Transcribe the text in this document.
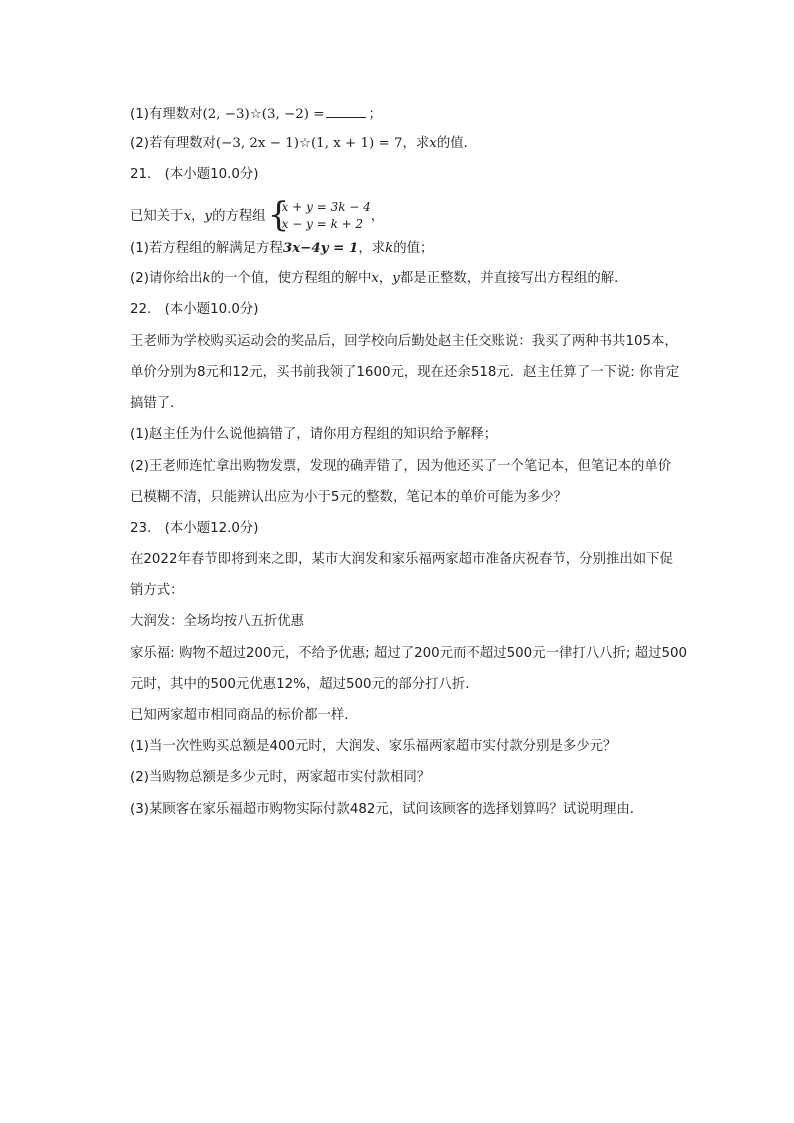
(1)有理数对(2, −3)☆(3, −2) =	；
(2)若有理数对(−3, 2x − 1)☆(1, x + 1) = 7，求x的值．
21.　(本小题10.0分)
已知关于x，y的方程组 {
x + y = 3k − 4
x − y = k + 2 ，
(1)若方程组的解满足方程3x−4y = 1，求k的值；
(2)请你给出k的一个值，使方程组的解中x，y都是正整数，并直接写出方程组的解．
22.　(本小题10.0分)
王老师为学校购买运动会的奖品后，回学校向后勤处赵主任交账说：我买了两种书共105本，
单价分别为8元和12元，买书前我领了1600元，现在还余518元．赵主任算了一下说: 你肯定
搞错了．
(1)赵主任为什么说他搞错了，请你用方程组的知识给予解释；
(2)王老师连忙拿出购物发票，发现的确弄错了，因为他还买了一个笔记本，但笔记本的单价
已模糊不清，只能辨认出应为小于5元的整数，笔记本的单价可能为多少？
23.　(本小题12.0分)
在2022年春节即将到来之即，某市大润发和家乐福两家超市准备庆祝春节，分别推出如下促
销方式：
大润发：全场均按八五折优惠
家乐福: 购物不超过200元，不给予优惠; 超过了200元而不超过500元一律打八八折; 超过500
元时，其中的500元优惠12%，超过500元的部分打八折．
已知两家超市相同商品的标价都一样．
(1)当一次性购买总额是400元时，大润发、家乐福两家超市实付款分别是多少元？
(2)当购物总额是多少元时，两家超市实付款相同？
(3)某顾客在家乐福超市购物实际付款482元，试问该顾客的选择划算吗？试说明理由．
